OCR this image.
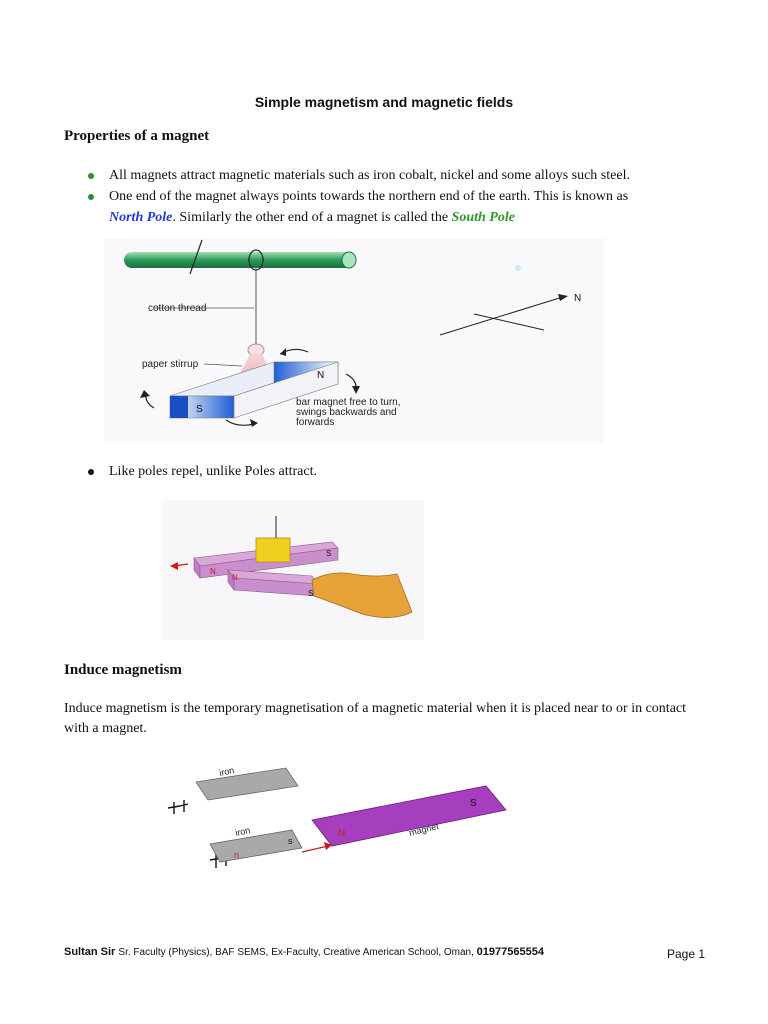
Simple magnetism and magnetic fields
Properties of a magnet
All magnets attract magnetic materials such as iron cobalt, nickel and some alloys such steel.
One end of the magnet always points towards the northern end of the earth. This is known as
North Pole. Similarly the other end of a magnet is called the South Pole
cotton thread
paper stirrup
S
N
bar magnet free to turn, swings backwards and forwards
N
Like poles repel, unlike Poles attract.
N
S
N
S
Induce magnetism
Induce magnetism is the temporary magnetisation of a magnetic material when it is placed near to or in contact with a magnet.
iron
iron
n
s
N
S
magnet
Sultan Sir Sr. Faculty (Physics), BAF SEMS, Ex-Faculty, Creative American School, Oman, 01977565554	Page 1
